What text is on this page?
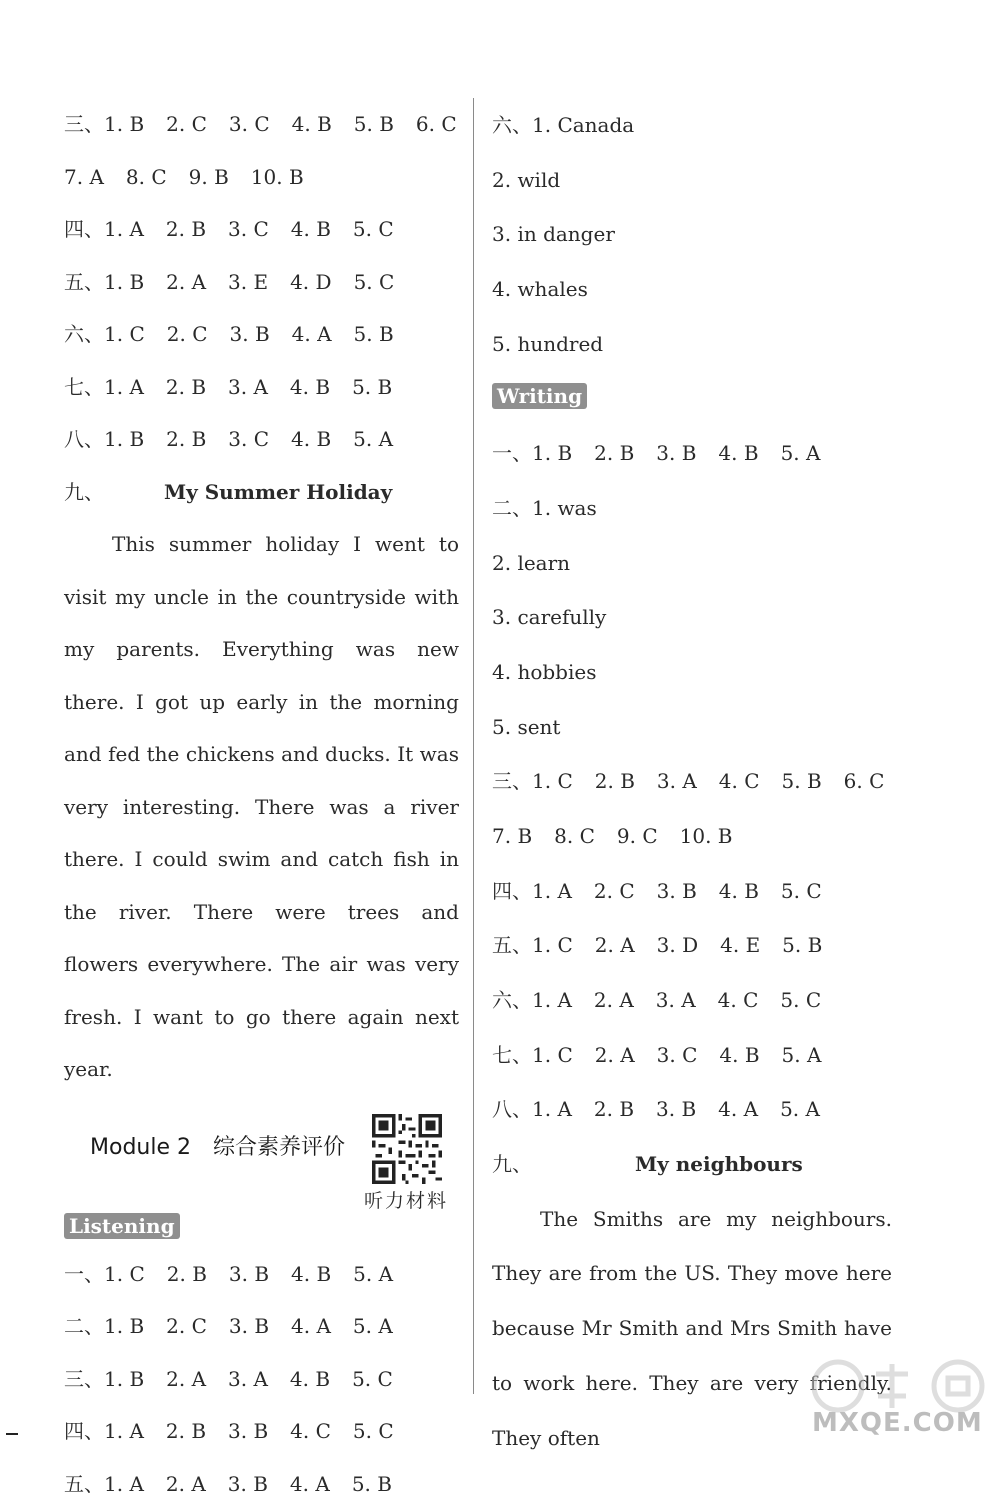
三、1. B 2. C 3. C 4. B 5. B 6. C
7. A 8. C 9. B 10. B
四、1. A 2. B 3. C 4. B 5. C
五、1. B 2. A 3. E 4. D 5. C
六、1. C 2. C 3. B 4. A 5. B
七、1. A 2. B 3. A 4. B 5. B
八、1. B 2. B 3. C 4. B 5. A
九、	My Summer Holiday
This summer holiday I went to visit my uncle in the countryside with my parents. Everything was new there. I got up early in the morning and fed the chickens and ducks. It was very interesting. There was a river there. I could swim and catch fish in the river. There were trees and flowers everywhere. The air was very fresh. I want to go there again next year.
Module 2 综合素养评价
听力材料
Listening
一、1. C 2. B 3. B 4. B 5. A
二、1. B 2. C 3. B 4. A 5. A
三、1. B 2. A 3. A 4. B 5. C
四、1. A 2. B 3. B 4. C 5. C
五、1. A 2. A 3. B 4. A 5. B
六、1. Canada
2. wild
3. in danger
4. whales
5. hundred
Writing
一、1. B 2. B 3. B 4. B 5. A
二、1. was
2. learn
3. carefully
4. hobbies
5. sent
三、1. C 2. B 3. A 4. C 5. B 6. C
7. B 8. C 9. C 10. B
四、1. A 2. C 3. B 4. B 5. C
五、1. C 2. A 3. D 4. E 5. B
六、1. A 2. A 3. A 4. C 5. C
七、1. C 2. A 3. C 4. B 5. A
八、1. A 2. B 3. B 4. A 5. A
九、	My neighbours
The Smiths are my neighbours. They are from the US. They move here because Mr Smith and Mrs Smith have to work here. They are very friendly. They often	MXQE.COM
